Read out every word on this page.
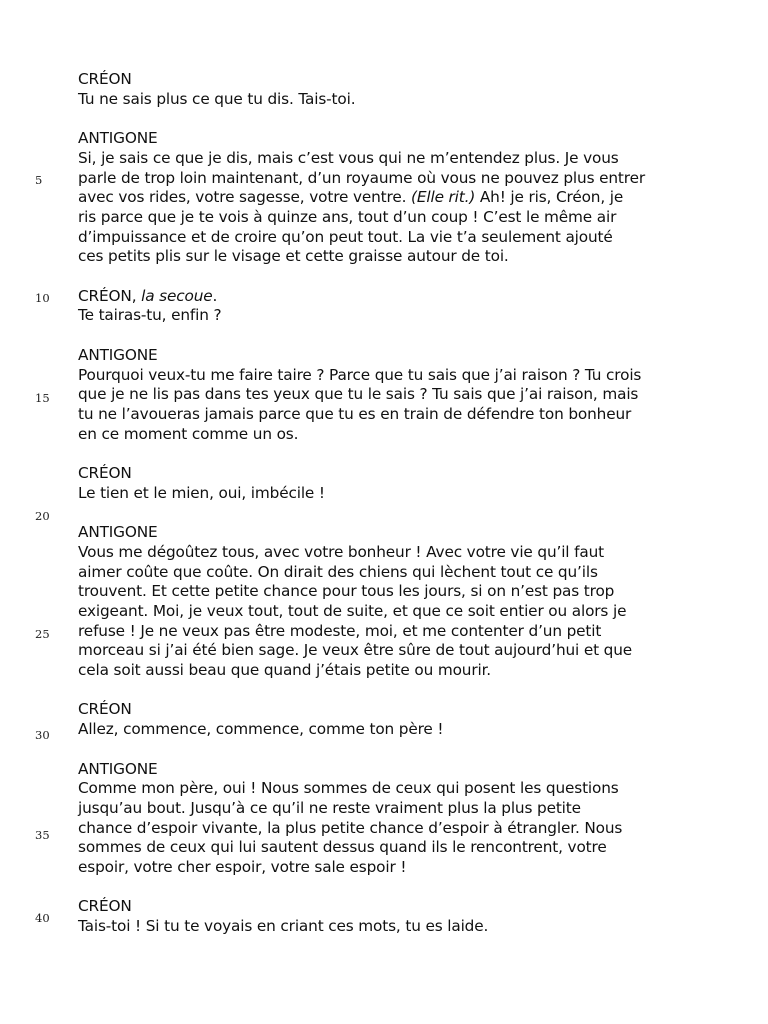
5
10
15
20
25
30
35
40
CRÉON
Tu ne sais plus ce que tu dis. Tais-toi.
ANTIGONE
Si, je sais ce que je dis, mais c’est vous qui ne m’entendez plus. Je vous
parle de trop loin maintenant, d’un royaume où vous ne pouvez plus entrer
avec vos rides, votre sagesse, votre ventre. (Elle rit.) Ah! je ris, Créon, je
ris parce que je te vois à quinze ans, tout d’un coup ! C’est le même air
d’impuissance et de croire qu’on peut tout. La vie t’a seulement ajouté
ces petits plis sur le visage et cette graisse autour de toi.
CRÉON, la secoue.
Te tairas-tu, enfin ?
ANTIGONE
Pourquoi veux-tu me faire taire ? Parce que tu sais que j’ai raison ? Tu crois
que je ne lis pas dans tes yeux que tu le sais ? Tu sais que j’ai raison, mais
tu ne l’avoueras jamais parce que tu es en train de défendre ton bonheur
en ce moment comme un os.
CRÉON
Le tien et le mien, oui, imbécile !
ANTIGONE
Vous me dégoûtez tous, avec votre bonheur ! Avec votre vie qu’il faut
aimer coûte que coûte. On dirait des chiens qui lèchent tout ce qu’ils
trouvent. Et cette petite chance pour tous les jours, si on n’est pas trop
exigeant. Moi, je veux tout, tout de suite, et que ce soit entier ou alors je
refuse ! Je ne veux pas être modeste, moi, et me contenter d’un petit
morceau si j’ai été bien sage. Je veux être sûre de tout aujourd’hui et que
cela soit aussi beau que quand j’étais petite ou mourir.
CRÉON
Allez, commence, commence, comme ton père !
ANTIGONE
Comme mon père, oui ! Nous sommes de ceux qui posent les questions
jusqu’au bout. Jusqu’à ce qu’il ne reste vraiment plus la plus petite
chance d’espoir vivante, la plus petite chance d’espoir à étrangler. Nous
sommes de ceux qui lui sautent dessus quand ils le rencontrent, votre
espoir, votre cher espoir, votre sale espoir !
CRÉON
Tais-toi ! Si tu te voyais en criant ces mots, tu es laide.
